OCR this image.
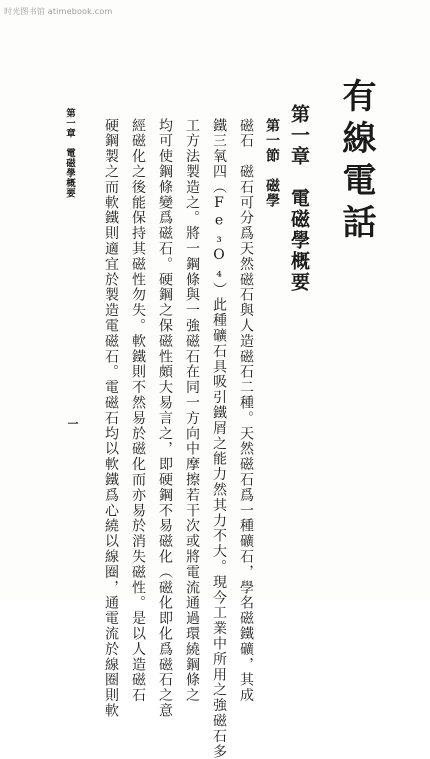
时光图书馆 atimebook.com
有線電話
第一章　電磁學概要
第一節　磁學
磁石　磁石可分爲天然磁石與人造磁石二種。天然磁石爲一種礦石，學名磁鐵礦，其成
鐵三氧四（Fe₃O₄）此種礦石具吸引鐵屑之能力然其力不大。現今工業中所用之強磁石多
工方法製造之。將一鋼條與一強磁石在同一方向中摩擦若干次或將電流通過環繞鋼條之
均可使鋼條變爲磁石。硬鋼之保磁性頗大易言之，即硬鋼不易磁化（磁化即化爲磁石之意
經磁化之後能保持其磁性勿失。軟鐵則不然易於磁化而亦易於消失磁性。是以人造磁石
硬鋼製之而軟鐵則適宜於製造電磁石。電磁石均以軟鐵爲心繞以線圈，通電流於線圈則軟
第一章　電磁學概要
一
